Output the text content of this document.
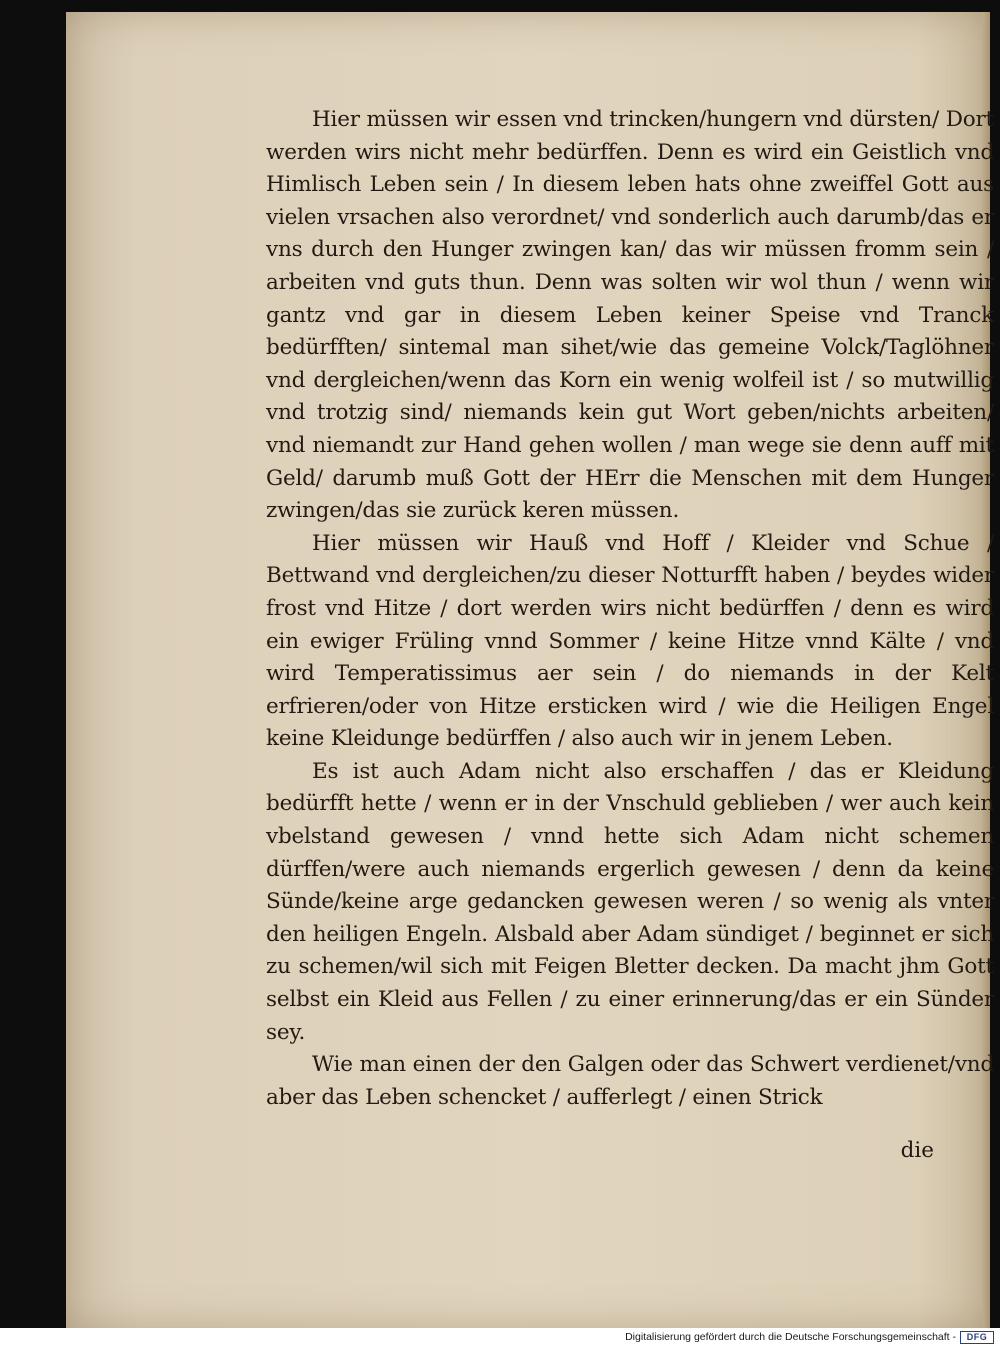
Hier müssen wir essen vnd trincken/hungern vnd dürsten/ Dort werden wirs nicht mehr bedürffen. Denn es wird ein Geistlich vnd Himlisch Leben sein / In diesem leben hats ohne zweiffel Gott aus vielen vrsachen also verordnet/ vnd sonderlich auch darumb/das er vns durch den Hunger zwingen kan/ das wir müssen fromm sein / arbeiten vnd guts thun. Denn was solten wir wol thun / wenn wir gantz vnd gar in diesem Leben keiner Speise vnd Tranck bedürfften/ sintemal man sihet/wie das gemeine Volck/Taglöhner vnd dergleichen/wenn das Korn ein wenig wolfeil ist / so mutwillig vnd trotzig sind/ niemands kein gut Wort geben/nichts arbeiten/ vnd niemandt zur Hand gehen wollen / man wege sie denn auff mit Geld/ darumb muß Gott der HErr die Menschen mit dem Hunger zwingen/das sie zurück keren müssen.

Hier müssen wir Hauß vnd Hoff / Kleider vnd Schue / Bettwand vnd dergleichen/zu dieser Notturfft haben / beydes wider frost vnd Hitze / dort werden wirs nicht bedürffen / denn es wird ein ewiger Früling vnnd Sommer / keine Hitze vnnd Kälte / vnd wird Temperatissimus aer sein / do niemands in der Kelt erfrieren/oder von Hitze ersticken wird / wie die Heiligen Engel keine Kleidunge bedürffen / also auch wir in jenem Leben.

Es ist auch Adam nicht also erschaffen / das er Kleidung bedürfft hette / wenn er in der Vnschuld geblieben / wer auch kein vbelstand gewesen / vnnd hette sich Adam nicht schemen dürffen/were auch niemands ergerlich gewesen / denn da keine Sünde/keine arge gedancken gewesen weren / so wenig als vnter den heiligen Engeln. Alsbald aber Adam sündiget / beginnet er sich zu schemen/wil sich mit Feigen Bletter decken. Da macht jhm Gott selbst ein Kleid aus Fellen / zu einer erinnerung/das er ein Sünder sey.

Wie man einen der den Galgen oder das Schwert verdienet/vnd aber das Leben schencket / aufferlegt / einen Strick

die
Digitalisierung gefördert durch die Deutsche Forschungsgemeinschaft -	DFG
